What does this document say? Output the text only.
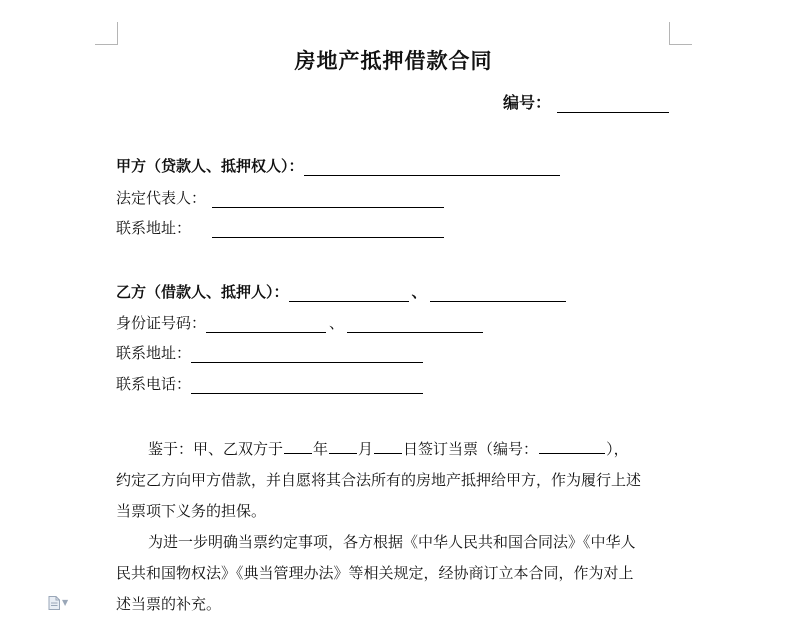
房地产抵押借款合同
编号：
甲方（贷款人、抵押权人）：
法定代表人：
联系地址：
乙方（借款人、抵押人）：	、
身份证号码：	、
联系地址：
联系电话：
鉴于：甲、乙双方于 年 月 日签订当票（编号：	），
约定乙方向甲方借款，并自愿将其合法所有的房地产抵押给甲方，作为履行上述
当票项下义务的担保。
为进一步明确当票约定事项，各方根据《中华人民共和国合同法》《中华人
民共和国物权法》《典当管理办法》等相关规定，经协商订立本合同，作为对上
述当票的补充。
▼
